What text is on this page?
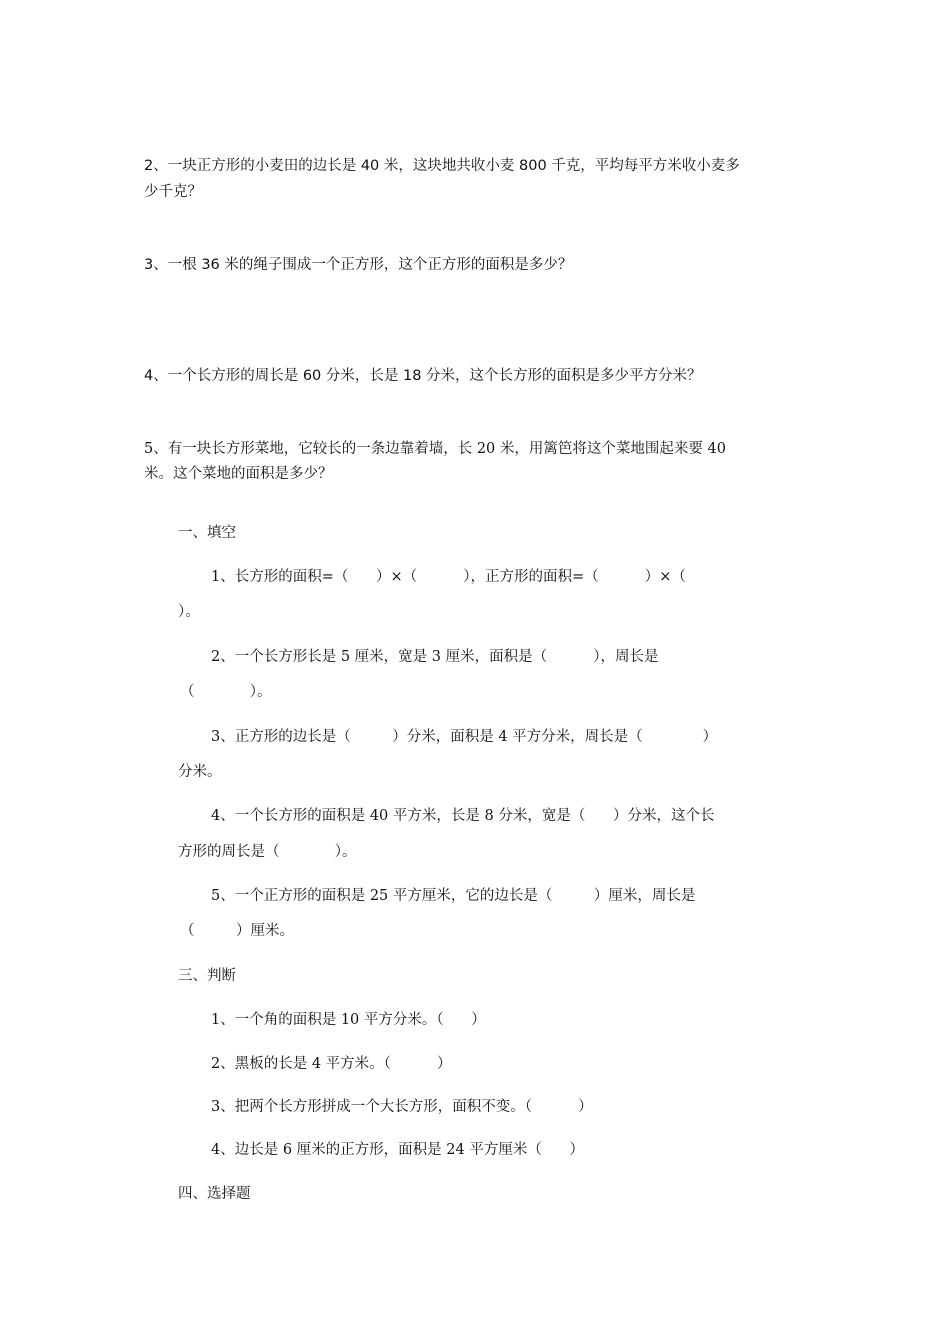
2、一块正方形的小麦田的边长是 40 米，这块地共收小麦 800 千克，平均每平方米收小麦多
少千克？
3、一根 36 米的绳子围成一个正方形，这个正方形的面积是多少？
4、一个长方形的周长是 60 分米，长是 18 分米，这个长方形的面积是多少平方分米？
5、有一块长方形菜地，它较长的一条边靠着墙，长 20 米，用篱笆将这个菜地围起来要 40
米。这个菜地的面积是多少？
一、填空
1、长方形的面积=（      ）×（          ），正方形的面积=（          ）×（
）。
2、一个长方形长是 5 厘米，宽是 3 厘米，面积是（          ），周长是
（            ）。
3、正方形的边长是（         ）分米，面积是 4 平方分米，周长是（             ）
分米。
4、一个长方形的面积是 40 平方米，长是 8 分米，宽是（      ）分米，这个长
方形的周长是（            ）。
5、一个正方形的面积是 25 平方厘米，它的边长是（         ）厘米，周长是
（         ）厘米。
三、判断
1、一个角的面积是 10 平方分米。（      ）
2、黑板的长是 4 平方米。（          ）
3、把两个长方形拼成一个大长方形，面积不变。（          ）
4、边长是 6 厘米的正方形，面积是 24 平方厘米（      ）
四、选择题
